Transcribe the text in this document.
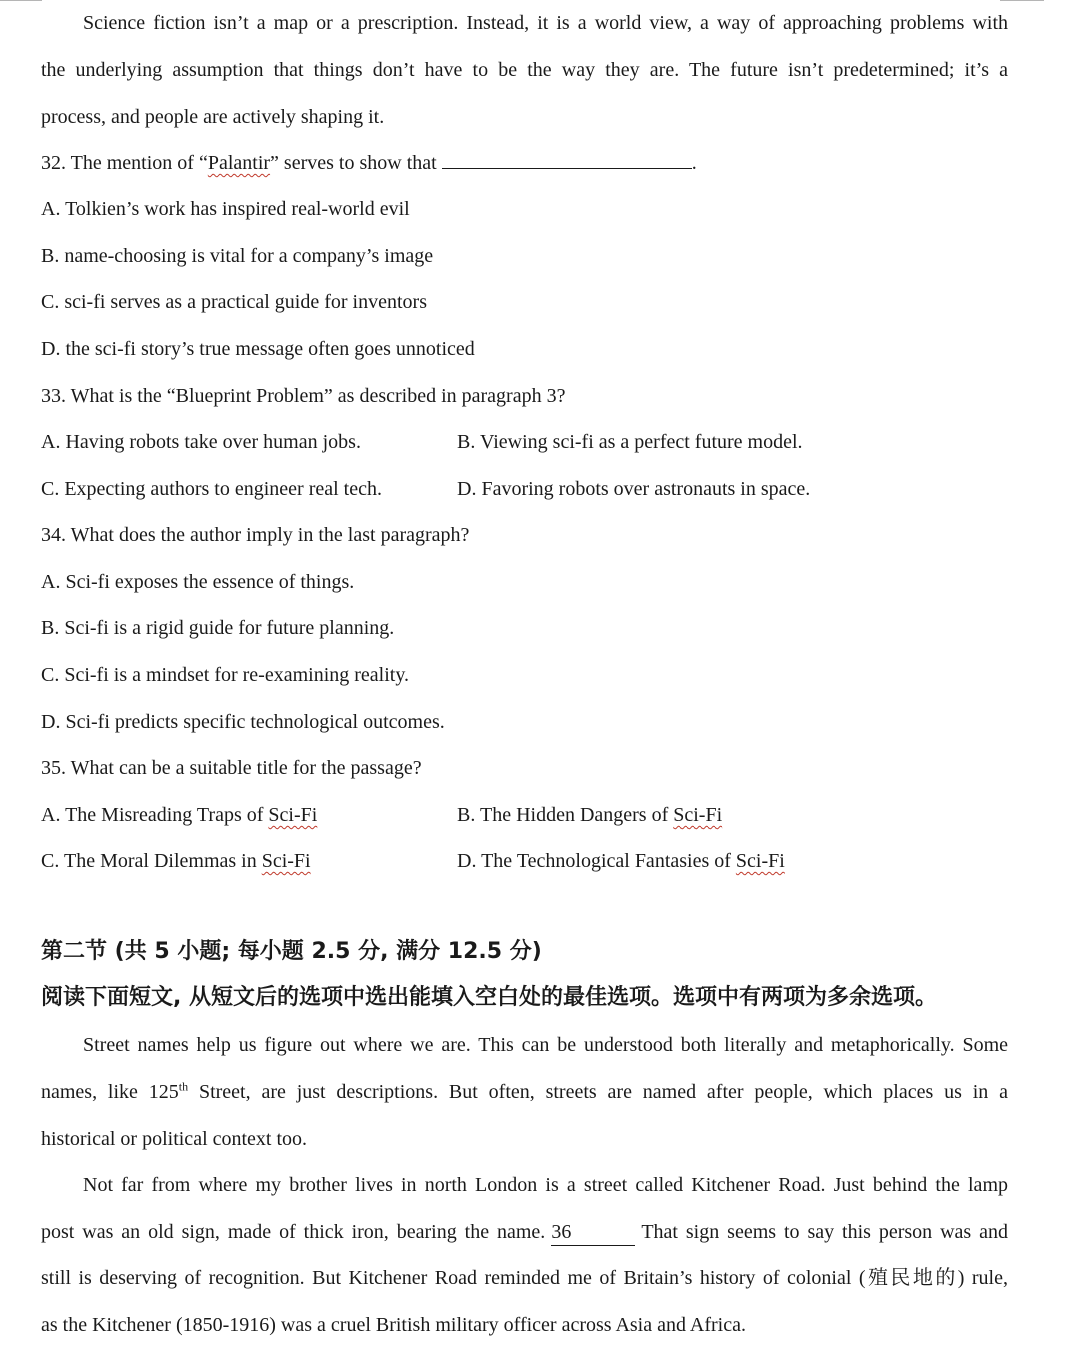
Science fiction isn’t a map or a prescription. Instead, it is a world view, a way of approaching problems with
the underlying assumption that things don’t have to be the way they are. The future isn’t predetermined; it’s a
process, and people are actively shaping it.
32. The mention of “Palantir” serves to show that	.
A. Tolkien’s work has inspired real-world evil
B. name-choosing is vital for a company’s image
C. sci-fi serves as a practical guide for inventors
D. the sci-fi story’s true message often goes unnoticed
33. What is the “Blueprint Problem” as described in paragraph 3?
A. Having robots take over human jobs.	B. Viewing sci-fi as a perfect future model.
C. Expecting authors to engineer real tech.	D. Favoring robots over astronauts in space.
34. What does the author imply in the last paragraph?
A. Sci-fi exposes the essence of things.
B. Sci-fi is a rigid guide for future planning.
C. Sci-fi is a mindset for re-examining reality.
D. Sci-fi predicts specific technological outcomes.
35. What can be a suitable title for the passage?
A. The Misreading Traps of Sci-Fi	B. The Hidden Dangers of Sci-Fi
C. The Moral Dilemmas in Sci-Fi	D. The Technological Fantasies of Sci-Fi
第二节 (共 5 小题; 每小题 2.5 分, 满分 12.5 分)
阅读下面短文, 从短文后的选项中选出能填入空白处的最佳选项。选项中有两项为多余选项。
Street names help us figure out where we are. This can be understood both literally and metaphorically. Some
names, like 125th Street, are just descriptions. But often, streets are named after people, which places us in a
historical or political context too.
Not far from where my brother lives in north London is a street called Kitchener Road. Just behind the lamp
post was an old sign, made of thick iron, bearing the name. 36	That sign seems to say this person was and
still is deserving of recognition. But Kitchener Road reminded me of Britain’s history of colonial (殖民地的) rule,
as the Kitchener (1850-1916) was a cruel British military officer across Asia and Africa.
